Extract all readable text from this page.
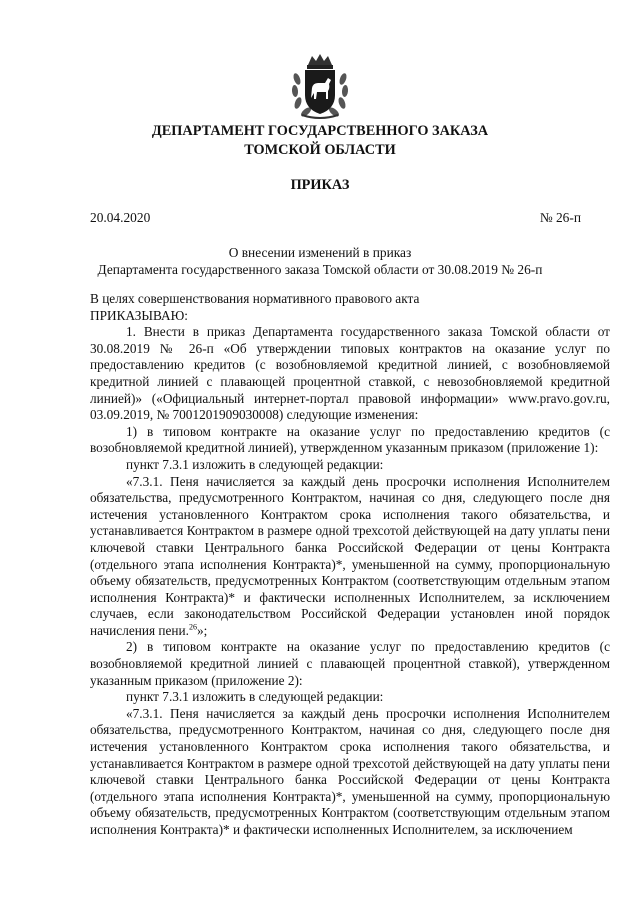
ДЕПАРТАМЕНТ ГОСУДАРСТВЕННОГО ЗАКАЗА
ТОМСКОЙ ОБЛАСТИ
ПРИКАЗ
20.04.2020	№ 26-п
О внесении изменений в приказ
Департамента государственного заказа Томской области от 30.08.2019 № 26-п

В целях совершенствования нормативного правового акта

ПРИКАЗЫВАЮ:

1. Внести в приказ Департамента государственного заказа Томской области от 30.08.2019 № 26-п «Об утверждении типовых контрактов на оказание услуг по предоставлению кредитов (с возобновляемой кредитной линией, с возобновляемой кредитной линией с плавающей процентной ставкой, с невозобновляемой кредитной линией)» («Официальный интернет-портал правовой информации» www.pravo.gov.ru, 03.09.2019, № 7001201909030008) следующие изменения:

1) в типовом контракте на оказание услуг по предоставлению кредитов (с возобновляемой кредитной линией), утвержденном указанным приказом (приложение 1):

пункт 7.3.1 изложить в следующей редакции:

«7.3.1. Пеня начисляется за каждый день просрочки исполнения Исполнителем обязательства, предусмотренного Контрактом, начиная со дня, следующего после дня истечения установленного Контрактом срока исполнения такого обязательства, и устанавливается Контрактом в размере одной трехсотой действующей на дату уплаты пени ключевой ставки Центрального банка Российской Федерации от цены Контракта (отдельного этапа исполнения Контракта)*, уменьшенной на сумму, пропорциональную объему обязательств, предусмотренных Контрактом (соответствующим отдельным этапом исполнения Контракта)* и фактически исполненных Исполнителем, за исключением случаев, если законодательством Российской Федерации установлен иной порядок начисления пени.$^{26}$»;

2) в типовом контракте на оказание услуг по предоставлению кредитов (с возобновляемой кредитной линией с плавающей процентной ставкой), утвержденном указанным приказом (приложение 2):

пункт 7.3.1 изложить в следующей редакции:

«7.3.1. Пеня начисляется за каждый день просрочки исполнения Исполнителем обязательства, предусмотренного Контрактом, начиная со дня, следующего после дня истечения установленного Контрактом срока исполнения такого обязательства, и устанавливается Контрактом в размере одной трехсотой действующей на дату уплаты пени ключевой ставки Центрального банка Российской Федерации от цены Контракта (отдельного этапа исполнения Контракта)*, уменьшенной на сумму, пропорциональную объему обязательств, предусмотренных Контрактом (соответствующим отдельным этапом исполнения Контракта)* и фактически исполненных Исполнителем, за исключением
